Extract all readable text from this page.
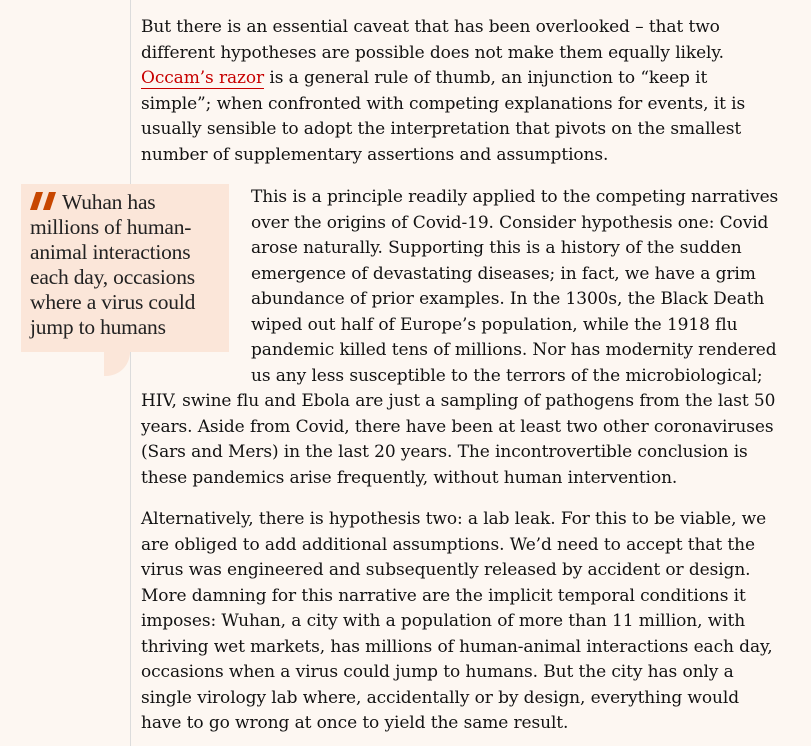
But there is an essential caveat that has been overlooked – that two different hypotheses are possible does not make them equally likely. Occam’s razor is a general rule of thumb, an injunction to “keep it simple”; when confronted with competing explanations for events, it is usually sensible to adopt the interpretation that pivots on the smallest number of supplementary assertions and assumptions.

This is a principle readily applied to the competing narratives over the origins of Covid-19. Consider hypothesis one: Covid arose naturally. Supporting this is a history of the sudden emergence of devastating diseases; in fact, we have a grim abundance of prior examples. In the 1300s, the Black Death wiped out half of Europe’s population, while the 1918 flu pandemic killed tens of millions. Nor has modernity rendered us any less susceptible to the terrors of the microbiological; HIV, swine flu and Ebola are just a sampling of pathogens from the last 50 years. Aside from Covid, there have been at least two other coronaviruses (Sars and Mers) in the last 20 years. The incontrovertible conclusion is these pandemics arise frequently, without human intervention.

Alternatively, there is hypothesis two: a lab leak. For this to be viable, we are obliged to add additional assumptions. We’d need to accept that the virus was engineered and subsequently released by accident or design. More damning for this narrative are the implicit temporal conditions it imposes: Wuhan, a city with a population of more than 11 million, with thriving wet markets, has millions of human-animal interactions each day, occasions when a virus could jump to humans. But the city has only a single virology lab where, accidentally or by design, everything would have to go wrong at once to yield the same result.

Wuhan has millions of human-animal interactions each day, occasions where a virus could jump to humans
